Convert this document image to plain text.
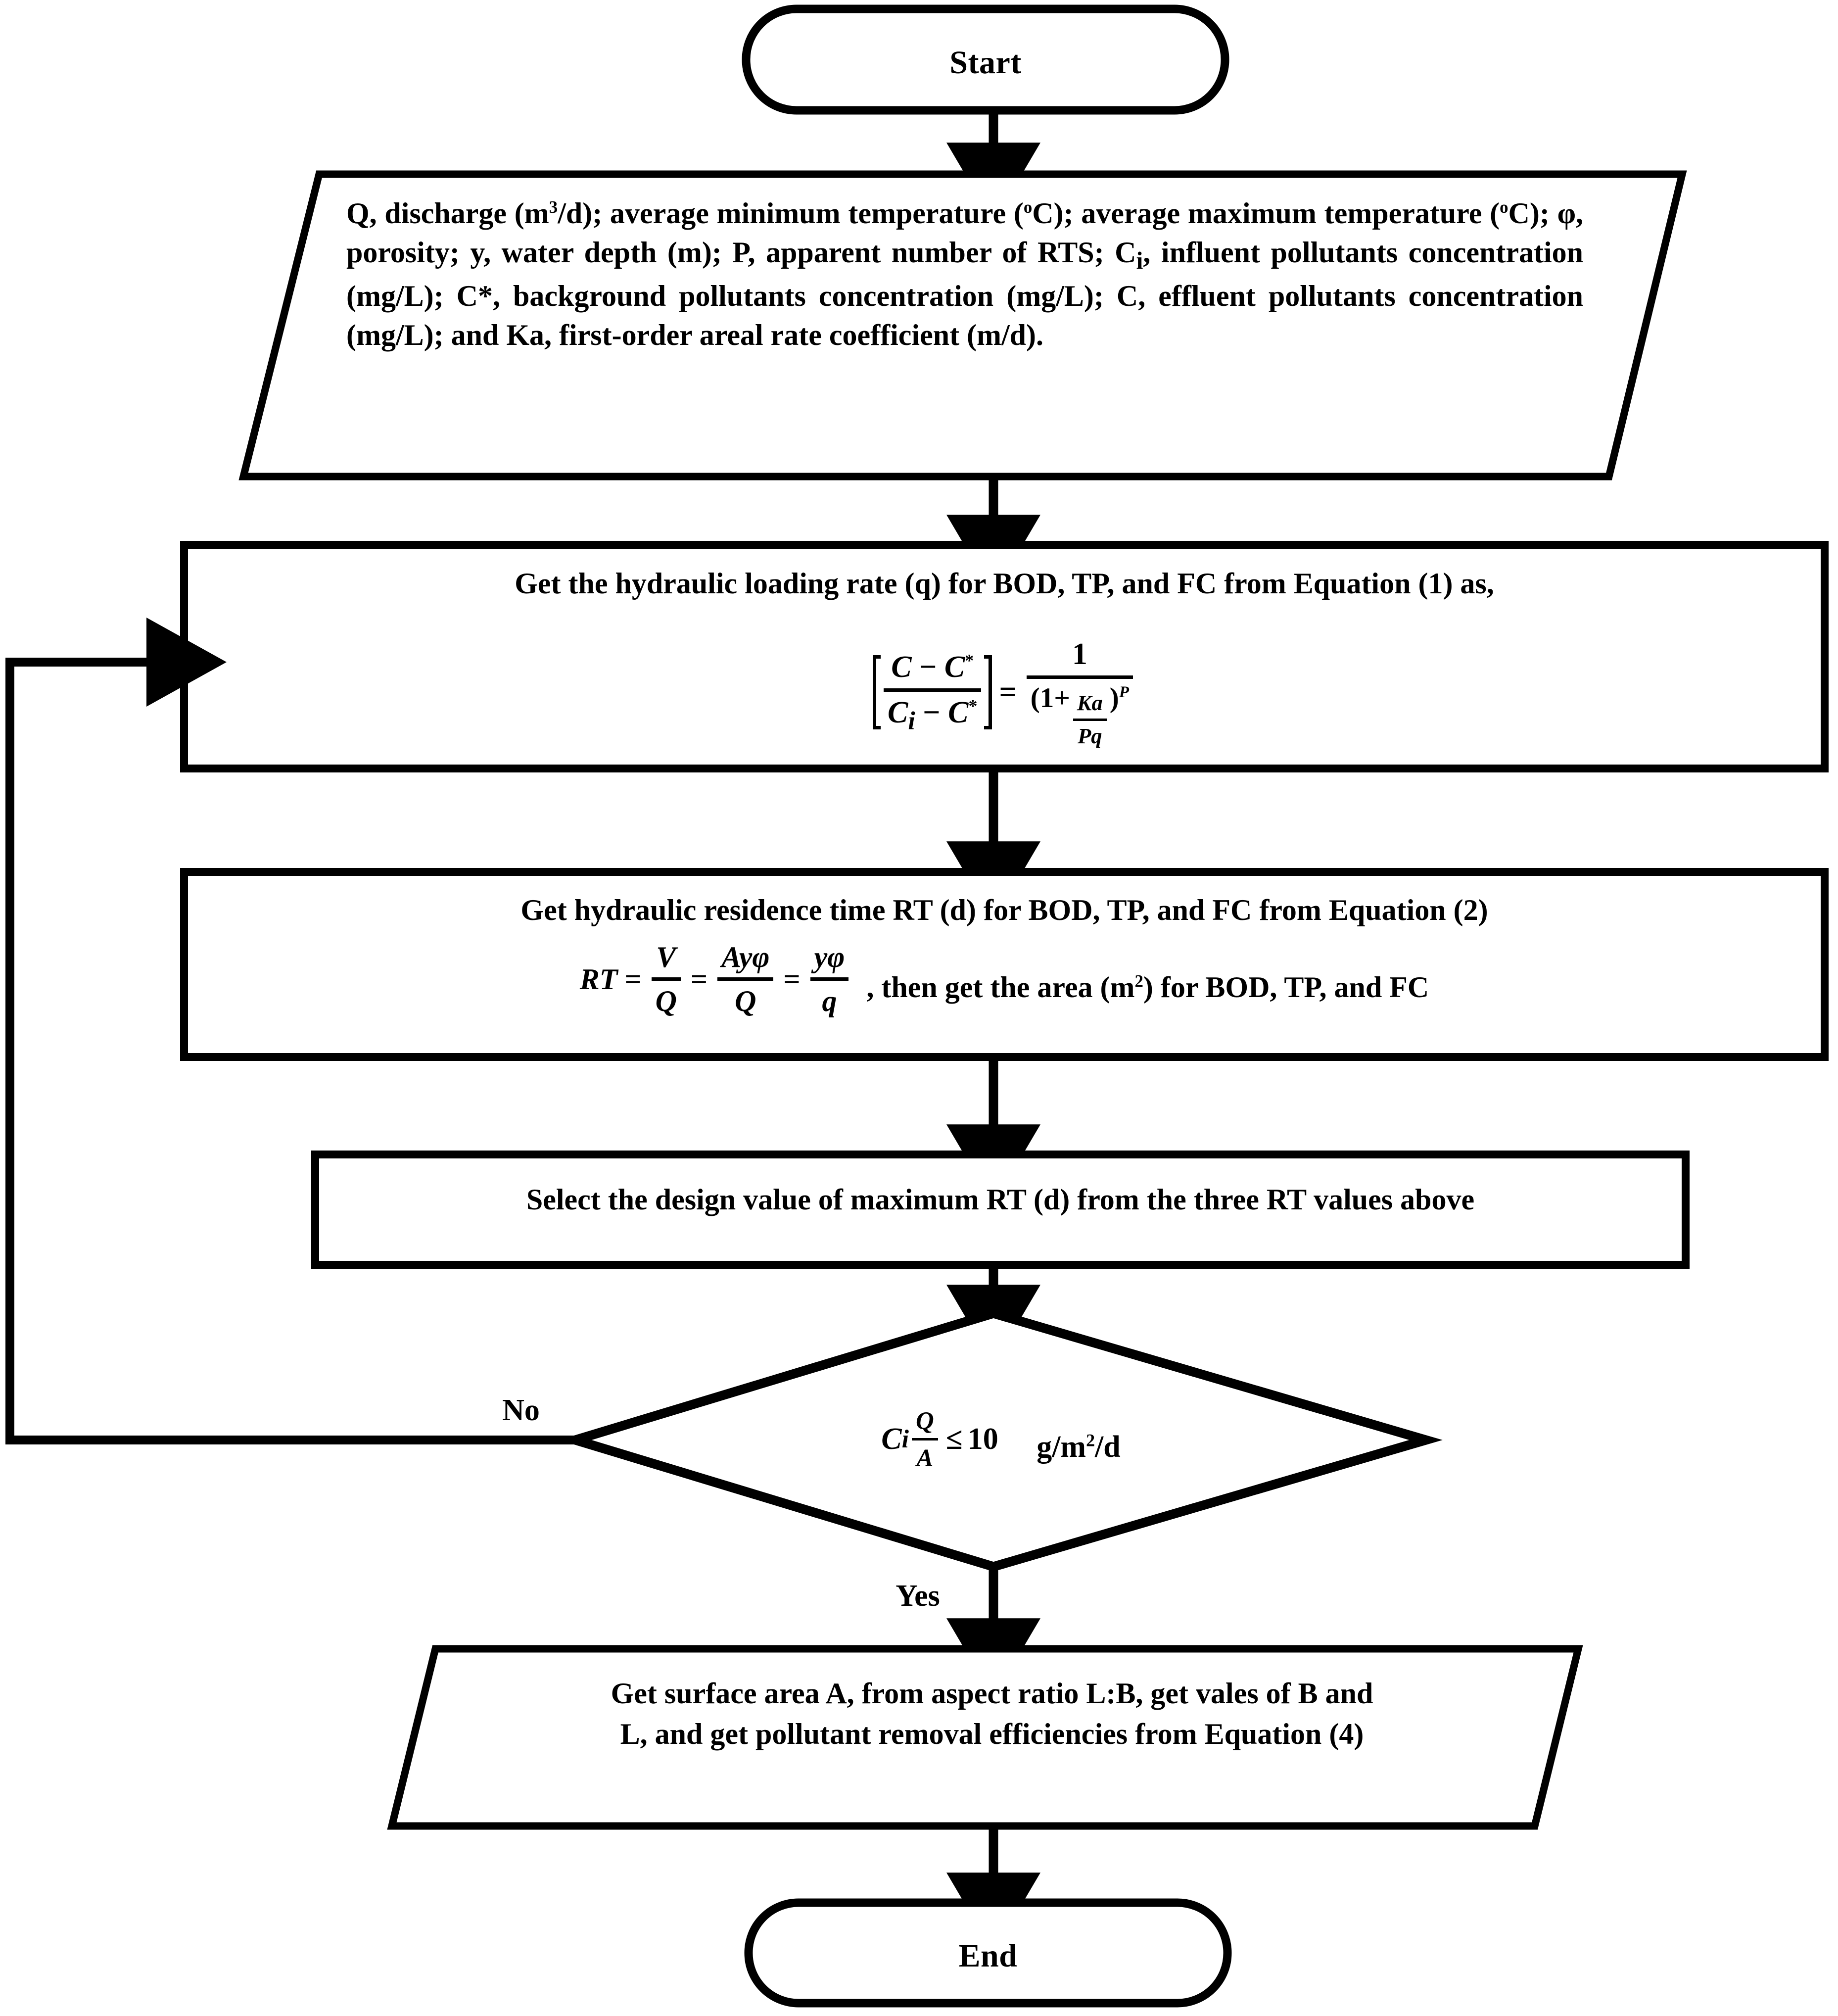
Start
Q, discharge $(m^3/d)$; average minimum temperature ($^o$C); average maximum temperature ($^o$C); φ, porosity; y, water depth (m); P, apparent number of RTS; $C_i$, influent pollutants concentration (mg/L); C*, background pollutants concentration (mg/L); C, effluent pollutants concentration (mg/L); and Ka, first-order areal rate coefficient (m/d).
Get the hydraulic loading rate (q) for BOD, TP, and FC from Equation (1) as,
C − C*
$C_i - C^*$ =
1
(1+ Ka
Pq
)$^P$
Get hydraulic residence time RT (d) for BOD, TP, and FC from Equation (2)
RT =
V
Q
=
Ayφ
Q
=
yφ
q , then get the area $(m^2)$ for BOD, TP, and FC
Select the design value of maximum RT (d) from the three RT values above
C i
Q
A
≤ 10 $g/m^2/d$
No
Yes
Get surface area A, from aspect ratio L:B, get vales of B and
L, and get pollutant removal efficiencies from Equation (4)
End
